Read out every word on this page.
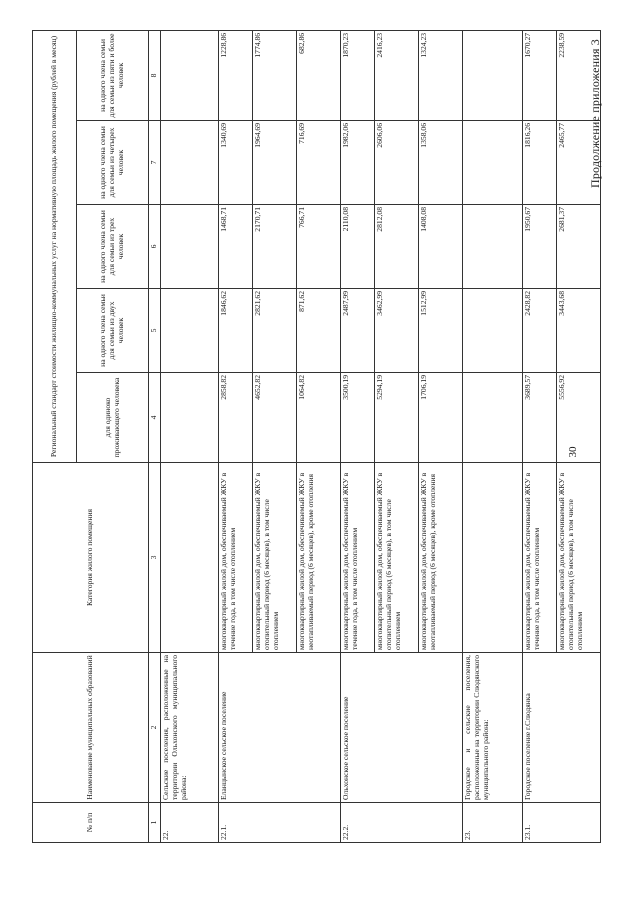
№ п/п	Наименование муниципальных образований	Категория жилого помещения	Региональный стандарт стоимости жилищно-коммунальных услуг на нормативную площадь жилого помещения (рублей в месяц)				
			для одиноко проживающего человека	на одного члена семьи для семьи из двух человек	на одного члена семьи для семьи из трех человек	на одного члена семьи для семьи из четырех человек	на одного члена семьи для семьи из пяти и более человек
1	2	3	4	5	6	7	8
22.	Сельские поселения, расположенные на территории Ольхонского муниципального района:						
22.1.	Еланцынское сельское поселение	многоквартирный жилой дом, обеспечиваемый ЖКУ в течение года, в том числе отоплением	2858,82	1846,62	1468,71	1340,69	1228,86
		многоквартирный жилой дом, обеспечиваемый ЖКУ в отопительный период (6 месяцев), в том числе отоплением	4652,82	2821,62	2170,71	1964,69	1774,86
		многоквартирный жилой дом, обеспечиваемый ЖКУ в неотапливаемый период (6 месяцев), кроме отопления	1064,82	871,62	766,71	716,69	682,86
22.2.	Ольхонское сельское поселение	многоквартирный жилой дом, обеспечиваемый ЖКУ в течение года, в том числе отоплением	3500,19	2487,99	2110,08	1982,06	1870,23
		многоквартирный жилой дом, обеспечиваемый ЖКУ в отопительный период (6 месяцев), в том числе отоплением	5294,19	3462,99	2812,08	2606,06	2416,23
		многоквартирный жилой дом, обеспечиваемый ЖКУ в неотапливаемый период (6 месяцев), кроме отопления	1706,19	1512,99	1408,08	1358,06	1324,23
23.	Городское и сельские поселения, расположенные на территории Слюдянского муниципального района:						
23.1.	Городское поселение г.Слюдянка	многоквартирный жилой дом, обеспечиваемый ЖКУ в течение года, в том числе отоплением	3689,57	2428,82	1950,67	1816,26	1670,27
		многоквартирный жилой дом, обеспечиваемый ЖКУ в отопительный период (6 месяцев), в том числе отоплением	5556,92	3443,68	2681,37	2465,77	2238,59
30
Продолжение приложения 3
